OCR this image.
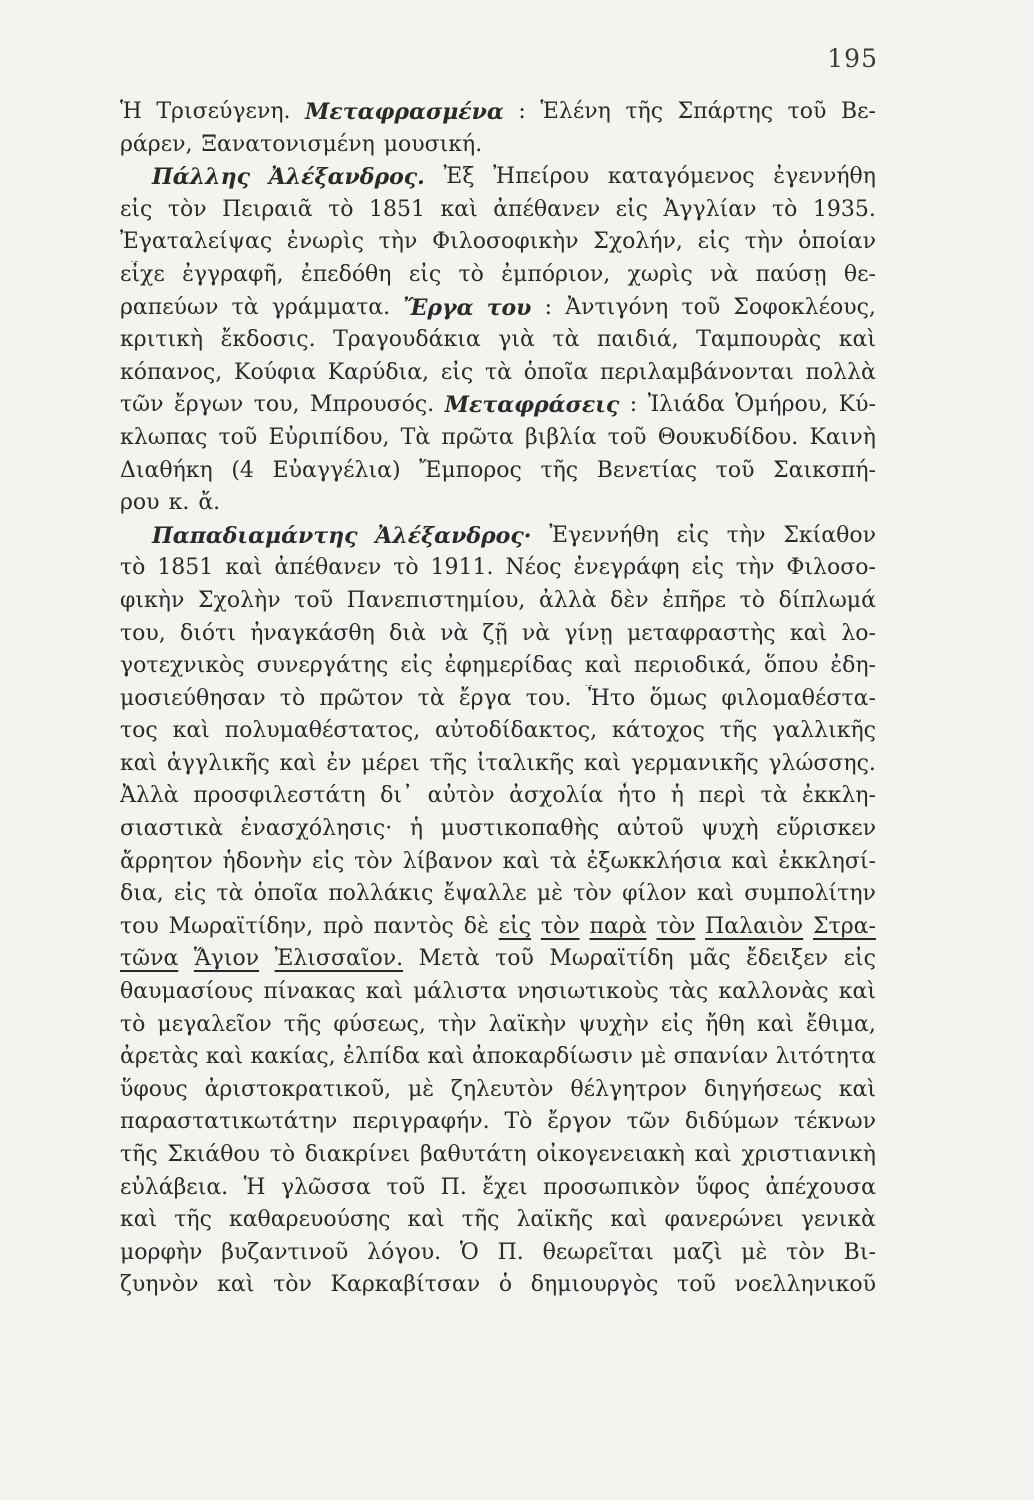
195
Ἡ Τρισεύγενη. Μεταφρασμένα : Ἑλένη τῆς Σπάρτης τοῦ Βε-
ράρεν, Ξανατονισμένη μουσική.
Πάλλης Ἀλέξανδρος. Ἐξ Ἠπείρου καταγόμενος ἐγεννήθη
εἰς τὸν Πειραιᾶ τὸ 1851 καὶ ἀπέθανεν εἰς Ἀγγλίαν τὸ 1935.
Ἐγαταλείψας ἐνωρὶς τὴν Φιλοσοφικὴν Σχολήν, εἰς τὴν ὁποίαν
εἶχε ἐγγραφῆ, ἐπεδόθη εἰς τὸ ἐμπόριον, χωρὶς νὰ παύσῃ θε-
ραπεύων τὰ γράμματα. Ἔργα του : Ἀντιγόνη τοῦ Σοφοκλέους,
κριτικὴ ἔκδοσις. Τραγουδάκια γιὰ τὰ παιδιά, Ταμπουρὰς καὶ
κόπανος, Κούφια Καρύδια, εἰς τὰ ὁποῖα περιλαμβάνονται πολλὰ
τῶν ἔργων του, Μπρουσός. Μεταφράσεις : Ἰλιάδα Ὁμήρου, Κύ-
κλωπας τοῦ Εὐριπίδου, Τὰ πρῶτα βιβλία τοῦ Θουκυδίδου. Καινὴ
Διαθήκη (4 Εὐαγγέλια) Ἔμπορος τῆς Βενετίας τοῦ Σαικσπή-
ρου κ. ἄ.
Παπαδιαμάντης Ἀλέξανδρος· Ἐγεννήθη εἰς τὴν Σκίαθον
τὸ 1851 καὶ ἀπέθανεν τὸ 1911. Νέος ἐνεγράφη εἰς τὴν Φιλοσο-
φικὴν Σχολὴν τοῦ Πανεπιστημίου, ἀλλὰ δὲν ἐπῆρε τὸ δίπλωμά
του, διότι ἠναγκάσθη διὰ νὰ ζῇ νὰ γίνῃ μεταφραστὴς καὶ λο-
γοτεχνικὸς συνεργάτης εἰς ἐφημερίδας καὶ περιοδικά, ὅπου ἐδη-
μοσιεύθησαν τὸ πρῶτον τὰ ἔργα του. Ἦτο ὅμως φιλομαθέστα-
τος καὶ πολυμαθέστατος, αὐτοδίδακτος, κάτοχος τῆς γαλλικῆς
καὶ ἀγγλικῆς καὶ ἐν μέρει τῆς ἰταλικῆς καὶ γερμανικῆς γλώσσης.
Ἀλλὰ προσφιλεστάτη δι᾽ αὐτὸν ἀσχολία ἦτο ἡ περὶ τὰ ἐκκλη-
σιαστικὰ ἐνασχόλησις· ἡ μυστικοπαθὴς αὐτοῦ ψυχὴ εὕρισκεν
ἄρρητον ἡδονὴν εἰς τὸν λίβανον καὶ τὰ ἐξωκκλήσια καὶ ἐκκλησί-
δια, εἰς τὰ ὁποῖα πολλάκις ἔψαλλε μὲ τὸν φίλον καὶ συμπολίτην
του Μωραϊτίδην, πρὸ παντὸς δὲ εἰς τὸν παρὰ τὸν Παλαιὸν Στρα-
τῶνα Ἅγιον Ἐλισσαῖον. Μετὰ τοῦ Μωραϊτίδη μᾶς ἔδειξεν εἰς
θαυμασίους πίνακας καὶ μάλιστα νησιωτικοὺς τὰς καλλονὰς καὶ
τὸ μεγαλεῖον τῆς φύσεως, τὴν λαϊκὴν ψυχὴν εἰς ἤθη καὶ ἔθιμα,
ἀρετὰς καὶ κακίας, ἐλπίδα καὶ ἀποκαρδίωσιν μὲ σπανίαν λιτότητα
ὕφους ἀριστοκρατικοῦ, μὲ ζηλευτὸν θέλγητρον διηγήσεως καὶ
παραστατικωτάτην περιγραφήν. Τὸ ἔργον τῶν διδύμων τέκνων
τῆς Σκιάθου τὸ διακρίνει βαθυτάτη οἰκογενειακὴ καὶ χριστιανικὴ
εὐλάβεια. Ἡ γλῶσσα τοῦ Π. ἔχει προσωπικὸν ὕφος ἀπέχουσα
καὶ τῆς καθαρευούσης καὶ τῆς λαϊκῆς καὶ φανερώνει γενικὰ
μορφὴν βυζαντινοῦ λόγου. Ὁ Π. θεωρεῖται μαζὶ μὲ τὸν Βι-
ζυηνὸν καὶ τὸν Καρκαβίτσαν ὁ δημιουργὸς τοῦ νοελληνικοῦ
